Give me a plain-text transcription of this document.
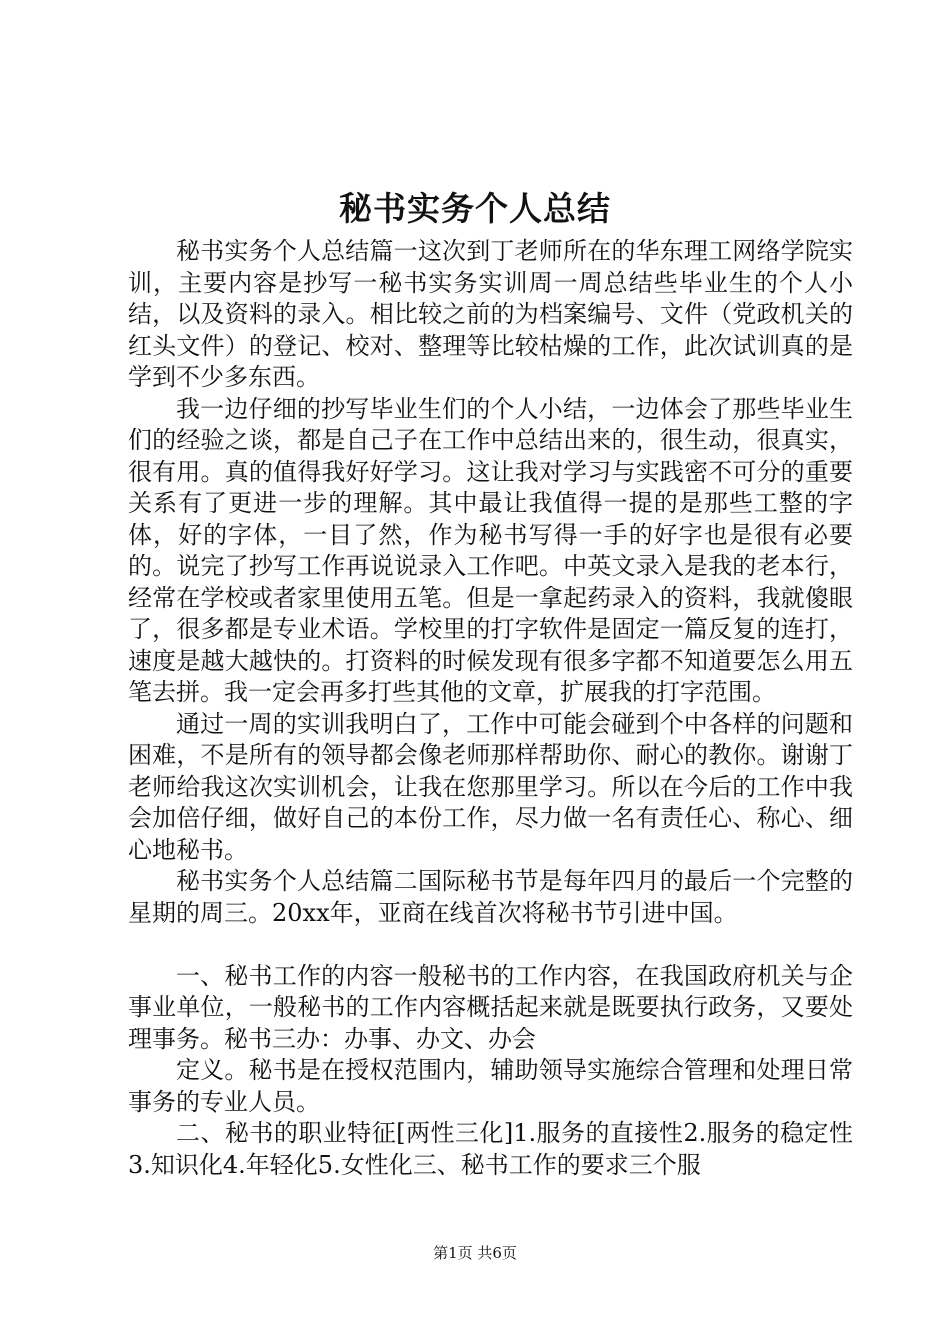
秘书实务个人总结

秘书实务个人总结篇一这次到丁老师所在的华东理工网络学院实训，主要内容是抄写一秘书实务实训周一周总结些毕业生的个人小结，以及资料的录入。相比较之前的为档案编号、文件（党政机关的红头文件）的登记、校对、整理等比较枯燥的工作，此次试训真的是学到不少多东西。

我一边仔细的抄写毕业生们的个人小结，一边体会了那些毕业生们的经验之谈，都是自己子在工作中总结出来的，很生动，很真实，很有用。真的值得我好好学习。这让我对学习与实践密不可分的重要关系有了更进一步的理解。其中最让我值得一提的是那些工整的字体，好的字体，一目了然，作为秘书写得一手的好字也是很有必要的。说完了抄写工作再说说录入工作吧。中英文录入是我的老本行，经常在学校或者家里使用五笔。但是一拿起药录入的资料，我就傻眼了，很多都是专业术语。学校里的打字软件是固定一篇反复的连打，速度是越大越快的。打资料的时候发现有很多字都不知道要怎么用五笔去拼。我一定会再多打些其他的文章，扩展我的打字范围。

通过一周的实训我明白了，工作中可能会碰到个中各样的问题和困难，不是所有的领导都会像老师那样帮助你、耐心的教你。谢谢丁老师给我这次实训机会，让我在您那里学习。所以在今后的工作中我会加倍仔细，做好自己的本份工作，尽力做一名有责任心、称心、细心地秘书。

秘书实务个人总结篇二国际秘书节是每年四月的最后一个完整的星期的周三。20xx年，亚商在线首次将秘书节引进中国。

一、秘书工作的内容一般秘书的工作内容，在我国政府机关与企事业单位，一般秘书的工作内容概括起来就是既要执行政务，又要处理事务。秘书三办：办事、办文、办会

定义。秘书是在授权范围内，辅助领导实施综合管理和处理日常事务的专业人员。

二、秘书的职业特征[两性三化]1.服务的直接性2.服务的稳定性3.知识化4.年轻化5.女性化三、秘书工作的要求三个服

第1页 共6页
